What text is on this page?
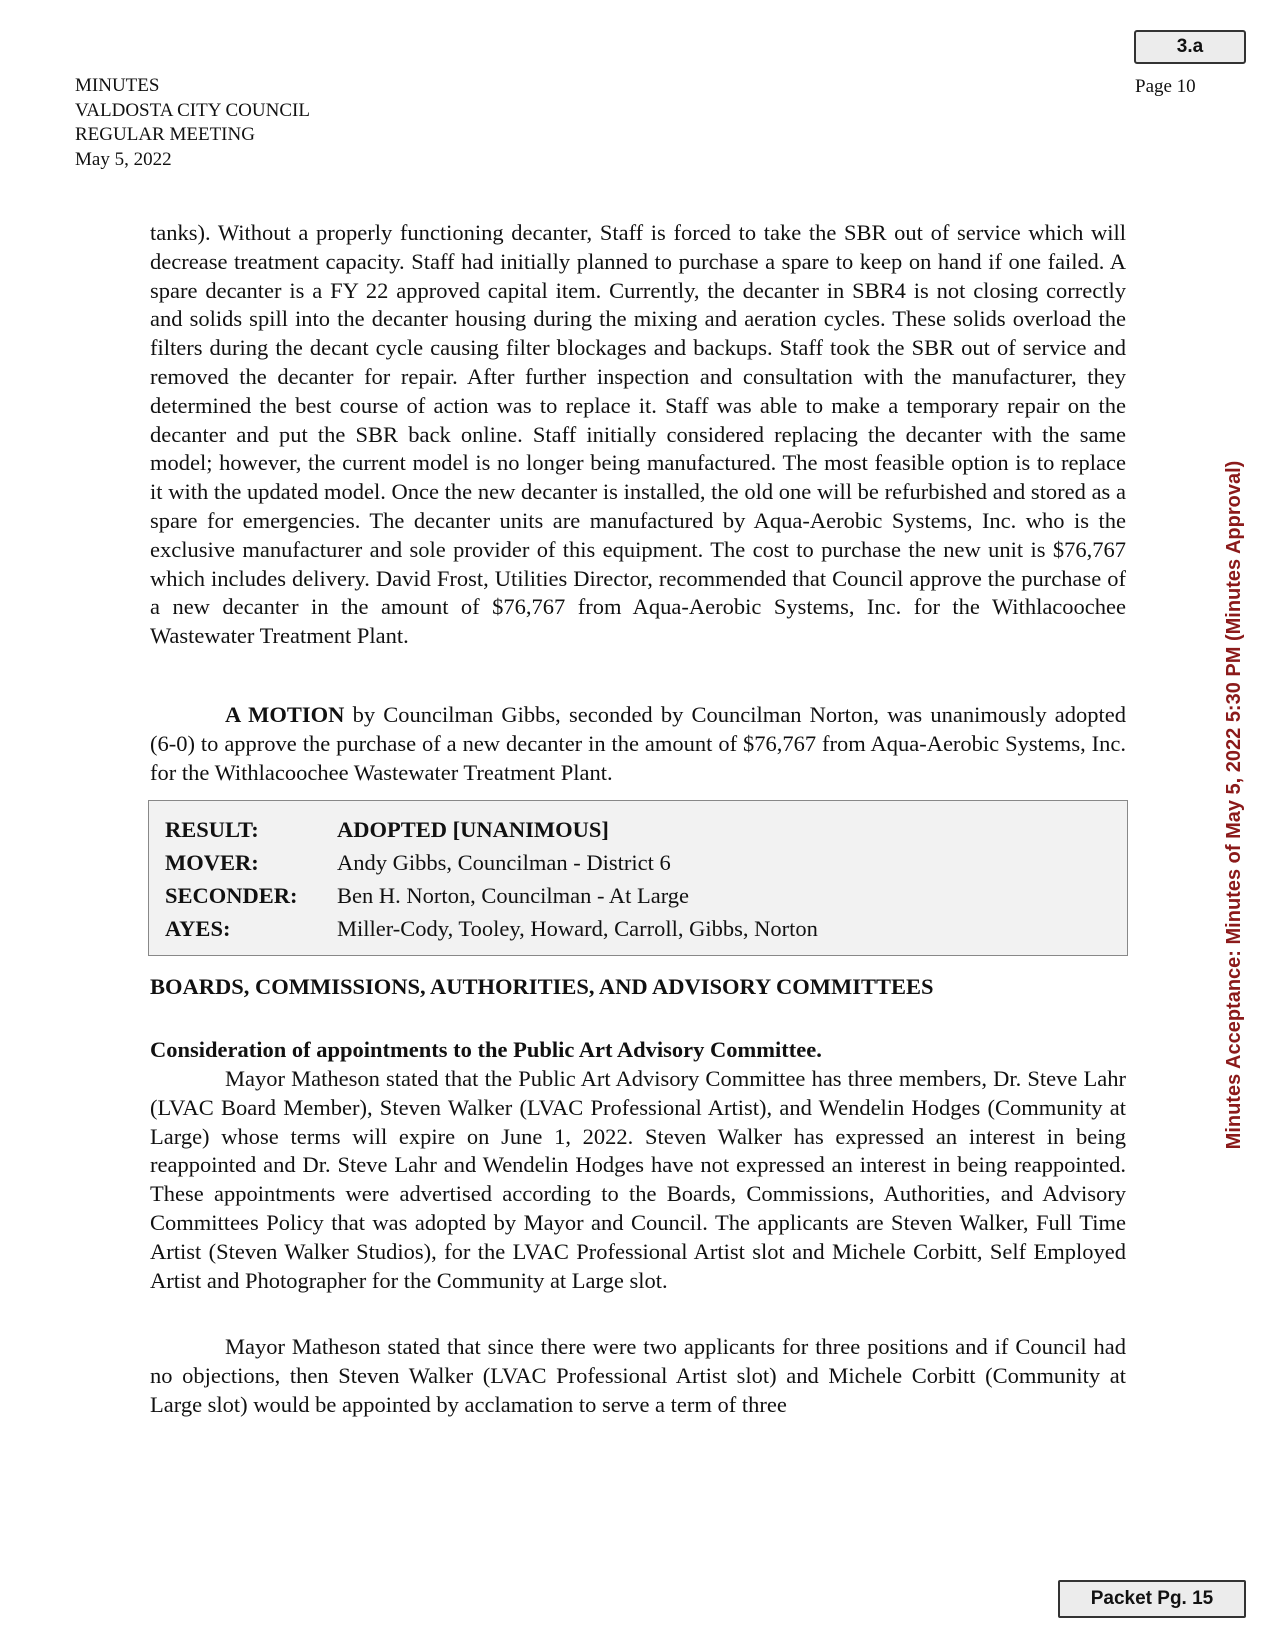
3.a
MINUTES
VALDOSTA CITY COUNCIL
REGULAR MEETING
May 5, 2022
Page 10

tanks). Without a properly functioning decanter, Staff is forced to take the SBR out of service which will decrease treatment capacity. Staff had initially planned to purchase a spare to keep on hand if one failed. A spare decanter is a FY 22 approved capital item. Currently, the decanter in SBR4 is not closing correctly and solids spill into the decanter housing during the mixing and aeration cycles. These solids overload the filters during the decant cycle causing filter blockages and backups. Staff took the SBR out of service and removed the decanter for repair. After further inspection and consultation with the manufacturer, they determined the best course of action was to replace it. Staff was able to make a temporary repair on the decanter and put the SBR back online. Staff initially considered replacing the decanter with the same model; however, the current model is no longer being manufactured. The most feasible option is to replace it with the updated model. Once the new decanter is installed, the old one will be refurbished and stored as a spare for emergencies. The decanter units are manufactured by Aqua-Aerobic Systems, Inc. who is the exclusive manufacturer and sole provider of this equipment. The cost to purchase the new unit is $76,767 which includes delivery. David Frost, Utilities Director, recommended that Council approve the purchase of a new decanter in the amount of $76,767 from Aqua-Aerobic Systems, Inc. for the Withlacoochee Wastewater Treatment Plant.

A MOTION by Councilman Gibbs, seconded by Councilman Norton, was unanimously adopted (6-0) to approve the purchase of a new decanter in the amount of $76,767 from Aqua-Aerobic Systems, Inc. for the Withlacoochee Wastewater Treatment Plant.

RESULT:	ADOPTED [UNANIMOUS]
MOVER:	Andy Gibbs, Councilman - District 6
SECONDER:	Ben H. Norton, Councilman - At Large
AYES:	Miller-Cody, Tooley, Howard, Carroll, Gibbs, Norton

BOARDS, COMMISSIONS, AUTHORITIES, AND ADVISORY COMMITTEES

Consideration of appointments to the Public Art Advisory Committee.

Mayor Matheson stated that the Public Art Advisory Committee has three members, Dr. Steve Lahr (LVAC Board Member), Steven Walker (LVAC Professional Artist), and Wendelin Hodges (Community at Large) whose terms will expire on June 1, 2022. Steven Walker has expressed an interest in being reappointed and Dr. Steve Lahr and Wendelin Hodges have not expressed an interest in being reappointed. These appointments were advertised according to the Boards, Commissions, Authorities, and Advisory Committees Policy that was adopted by Mayor and Council. The applicants are Steven Walker, Full Time Artist (Steven Walker Studios), for the LVAC Professional Artist slot and Michele Corbitt, Self Employed Artist and Photographer for the Community at Large slot.

Mayor Matheson stated that since there were two applicants for three positions and if Council had no objections, then Steven Walker (LVAC Professional Artist slot) and Michele Corbitt (Community at Large slot) would be appointed by acclamation to serve a term of three

Minutes Acceptance: Minutes of May 5, 2022 5:30 PM (Minutes Approval)
Packet Pg. 15
